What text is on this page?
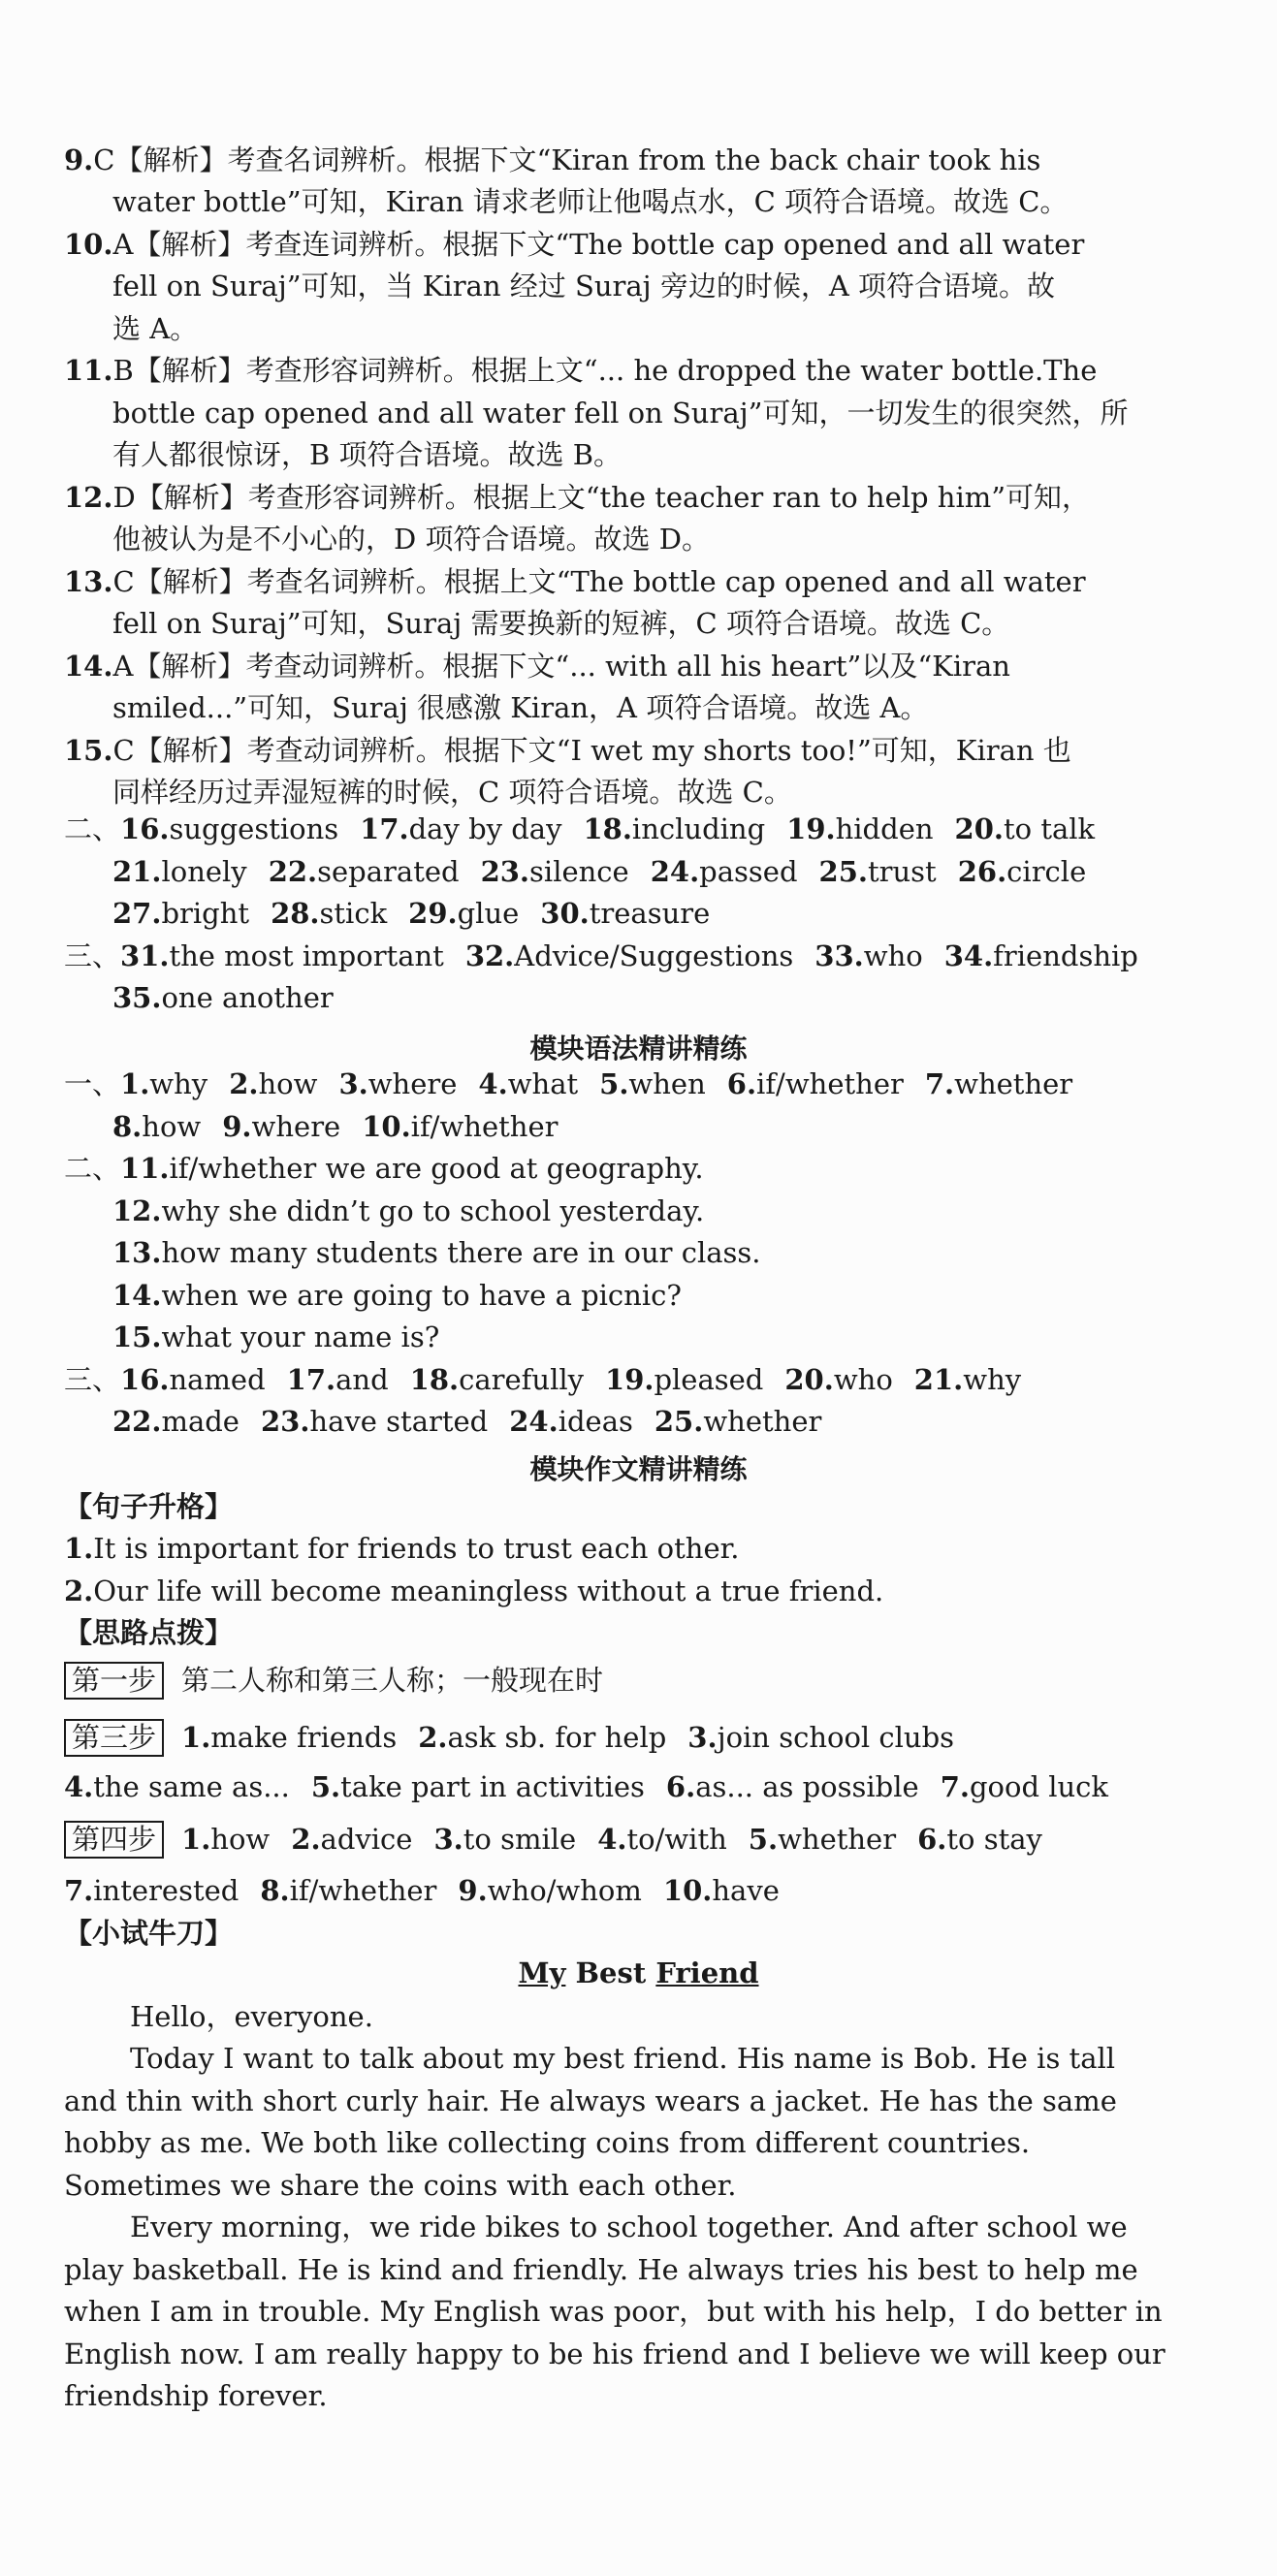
9.C【解析】考查名词辨析。根据下文“Kiran from the back chair took his
water bottle”可知，Kiran 请求老师让他喝点水，C 项符合语境。故选 C。
10.A【解析】考查连词辨析。根据下文“The bottle cap opened and all water
fell on Suraj”可知，当 Kiran 经过 Suraj 旁边的时候，A 项符合语境。故
选 A。
11.B【解析】考查形容词辨析。根据上文“... he dropped the water bottle.The
bottle cap opened and all water fell on Suraj”可知，一切发生的很突然，所
有人都很惊讶，B 项符合语境。故选 B。
12.D【解析】考查形容词辨析。根据上文“the teacher ran to help him”可知，
他被认为是不小心的，D 项符合语境。故选 D。
13.C【解析】考查名词辨析。根据上文“The bottle cap opened and all water
fell on Suraj”可知，Suraj 需要换新的短裤，C 项符合语境。故选 C。
14.A【解析】考查动词辨析。根据下文“... with all his heart”以及“Kiran
smiled...”可知，Suraj 很感激 Kiran，A 项符合语境。故选 A。
15.C【解析】考查动词辨析。根据下文“I wet my shorts too!”可知，Kiran 也
同样经历过弄湿短裤的时候，C 项符合语境。故选 C。
二、16.suggestions 17.day by day 18.including 19.hidden 20.to talk
21.lonely 22.separated 23.silence 24.passed 25.trust 26.circle
27.bright 28.stick 29.glue 30.treasure
三、31.the most important 32.Advice/Suggestions 33.who 34.friendship
35.one another
模块语法精讲精练
一、1.why 2.how 3.where 4.what 5.when 6.if/whether 7.whether
8.how 9.where 10.if/whether
二、11.if/whether we are good at geography.
12.why she didn’t go to school yesterday.
13.how many students there are in our class.
14.when we are going to have a picnic?
15.what your name is?
三、16.named 17.and 18.carefully 19.pleased 20.who 21.why
22.made 23.have started 24.ideas 25.whether
模块作文精讲精练
【句子升格】
1.It is important for friends to trust each other.
2.Our life will become meaningless without a true friend.
【思路点拨】
第一步 第二人称和第三人称；一般现在时
第三步 1.make friends 2.ask sb. for help 3.join school clubs
4.the same as... 5.take part in activities 6.as... as possible 7.good luck
第四步 1.how 2.advice 3.to smile 4.to/with 5.whether 6.to stay
7.interested 8.if/whether 9.who/whom 10.have
【小试牛刀】
My Best Friend
Hello，everyone.
Today I want to talk about my best friend. His name is Bob. He is tall
and thin with short curly hair. He always wears a jacket. He has the same
hobby as me. We both like collecting coins from different countries.
Sometimes we share the coins with each other.
Every morning，we ride bikes to school together. And after school we
play basketball. He is kind and friendly. He always tries his best to help me
when I am in trouble. My English was poor，but with his help，I do better in
English now. I am really happy to be his friend and I believe we will keep our
friendship forever.
